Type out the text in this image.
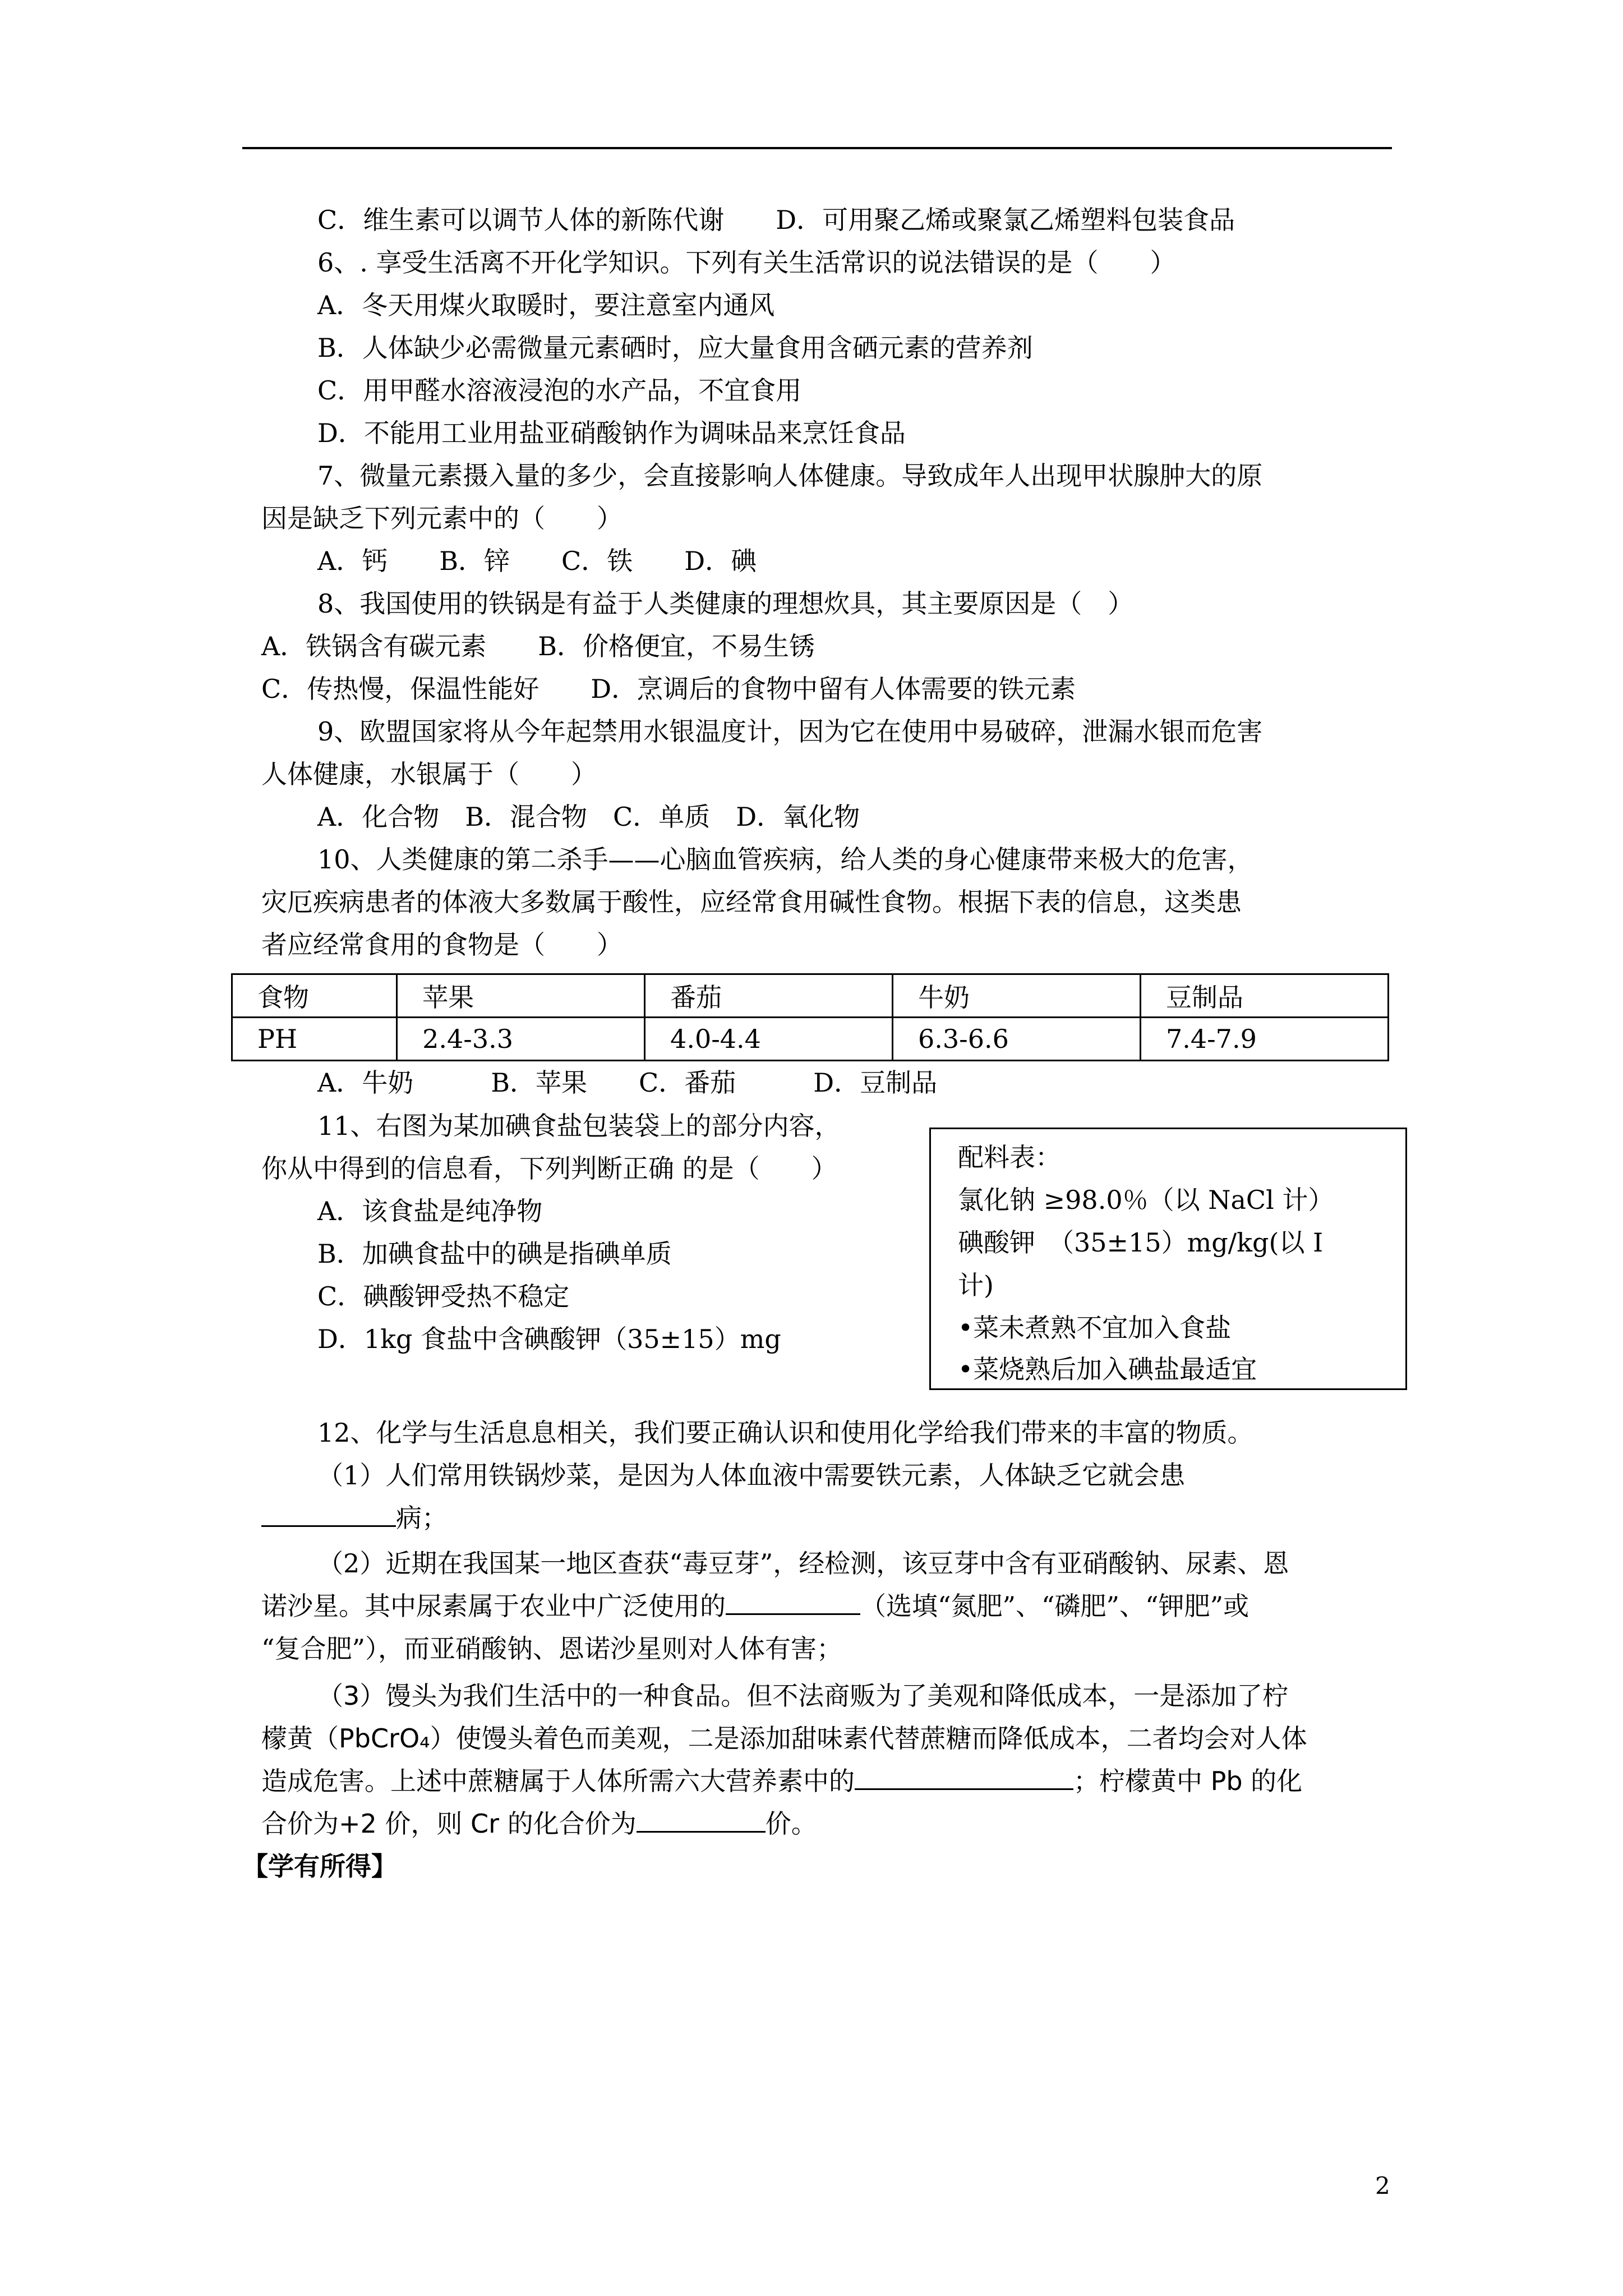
C．维生素可以调节人体的新陈代谢　　D．可用聚乙烯或聚氯乙烯塑料包装食品
6、. 享受生活离不开化学知识。下列有关生活常识的说法错误的是（　　）
A．冬天用煤火取暖时，要注意室内通风
B．人体缺少必需微量元素硒时，应大量食用含硒元素的营养剂
C．用甲醛水溶液浸泡的水产品，不宜食用
D．不能用工业用盐亚硝酸钠作为调味品来烹饪食品
7、微量元素摄入量的多少，会直接影响人体健康。导致成年人出现甲状腺肿大的原
因是缺乏下列元素中的（　　）
A．钙　　B．锌　　C．铁　　D．碘
8、我国使用的铁锅是有益于人类健康的理想炊具，其主要原因是（　）
A．铁锅含有碳元素　　B．价格便宜，不易生锈
C．传热慢，保温性能好　　D．烹调后的食物中留有人体需要的铁元素
9、欧盟国家将从今年起禁用水银温度计，因为它在使用中易破碎，泄漏水银而危害
人体健康，水银属于（　　）
A．化合物　B．混合物　C．单质　D．氧化物
10、人类健康的第二杀手——心脑血管疾病，给人类的身心健康带来极大的危害，
灾厄疾病患者的体液大多数属于酸性，应经常食用碱性食物。根据下表的信息，这类患
者应经常食用的食物是（　　）
食物	苹果	番茄	牛奶	豆制品
PH	2.4-3.3	4.0-4.4	6.3-6.6	7.4-7.9
A．牛奶　　　B．苹果　　C．番茄　　　D．豆制品
11、右图为某加碘食盐包装袋上的部分内容，
你从中得到的信息看，下列判断正确 的是（　　）
A．该食盐是纯净物
B．加碘食盐中的碘是指碘单质
C．碘酸钾受热不稳定
D．1kg 食盐中含碘酸钾（35±15）mg
配料表：
氯化钠 ≥98.0％（以 NaCl 计）
碘酸钾　（35±15）mg/kg(以 I
计)
•菜未煮熟不宜加入食盐
•菜烧熟后加入碘盐最适宜
12、化学与生活息息相关，我们要正确认识和使用化学给我们带来的丰富的物质。
（1）人们常用铁锅炒菜，是因为人体血液中需要铁元素，人体缺乏它就会患
病；
（2）近期在我国某一地区查获“毒豆芽”，经检测，该豆芽中含有亚硝酸钠、尿素、恩
诺沙星。其中尿素属于农业中广泛使用的	（选填“氮肥”、“磷肥”、“钾肥”或
“复合肥”），而亚硝酸钠、恩诺沙星则对人体有害；
（3）馒头为我们生活中的一种食品。但不法商贩为了美观和降低成本，一是添加了柠
檬黄（PbCrO₄）使馒头着色而美观，二是添加甜味素代替蔗糖而降低成本，二者均会对人体
造成危害。上述中蔗糖属于人体所需六大营养素中的	；柠檬黄中 Pb 的化
合价为+2 价，则 Cr 的化合价为	价。
【学有所得】
2
